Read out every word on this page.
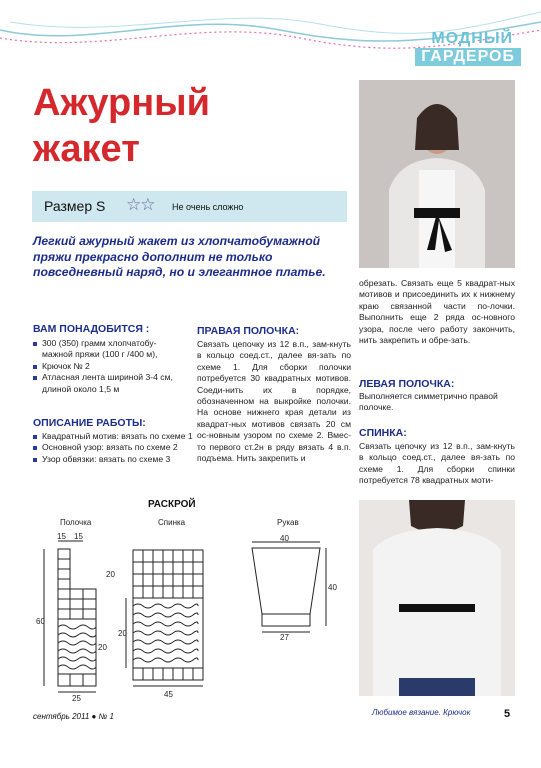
МОДНЫЙ
ГАРДЕРОБ
Ажурный
жакет
Размер S ☆☆ Не очень сложно
Легкий ажурный жакет из хлопчатобумажной пряжи прекрасно дополнит не только повседневный наряд, но и элегантное платье.
ВАМ ПОНАДОБИТСЯ :
300 (350) грамм хлопчатобу-мажной пряжи (100 г /400 м),
Крючок № 2
Атласная лента шириной 3-4 см, длиной около 1,5 м
ОПИСАНИЕ РАБОТЫ:
Квадратный мотив: вязать по схеме 1
Основной узор: вязать по схеме 2
Узор обвязки: вязать по схеме 3
ПРАВАЯ ПОЛОЧКА:
Связать цепочку из 12 в.п., зам-кнуть в кольцо соед.ст., далее вя-зать по схеме 1. Для сборки полочки потребуется 30 квадратных мотивов. Соеди-нить их в порядке, обозначенном на выкройке полочки. На основе нижнего края детали из квадрат-ных мотивов связать 20 см ос-новным узором по схеме 2. Вмес-то первого ст.2н в ряду вязать 4 в.п. подъема. Нить закрепить и
обрезать. Связать еще 5 квадрат-ных мотивов и присоединить их к нижнему краю связанной части по-лочки. Выполнить еще 2 ряда ос-новного узора, после чего работу закончить, нить закрепить и обре-зать.
ЛЕВАЯ ПОЛОЧКА:
Выполняется симметрично правой полочке.
СПИНКА:
Связать цепочку из 12 в.п., зам-кнуть в кольцо соед.ст., далее вя-зать по схеме 1. Для сборки спинки потребуется 78 квадратных моти-
РАСКРОЙ
Полочка	Спинка	Рукав
15 15
20
60
20
25
20
45
40
40
27
сентябрь 2011 ● № 1	Любимое вязание. Крючок	5
